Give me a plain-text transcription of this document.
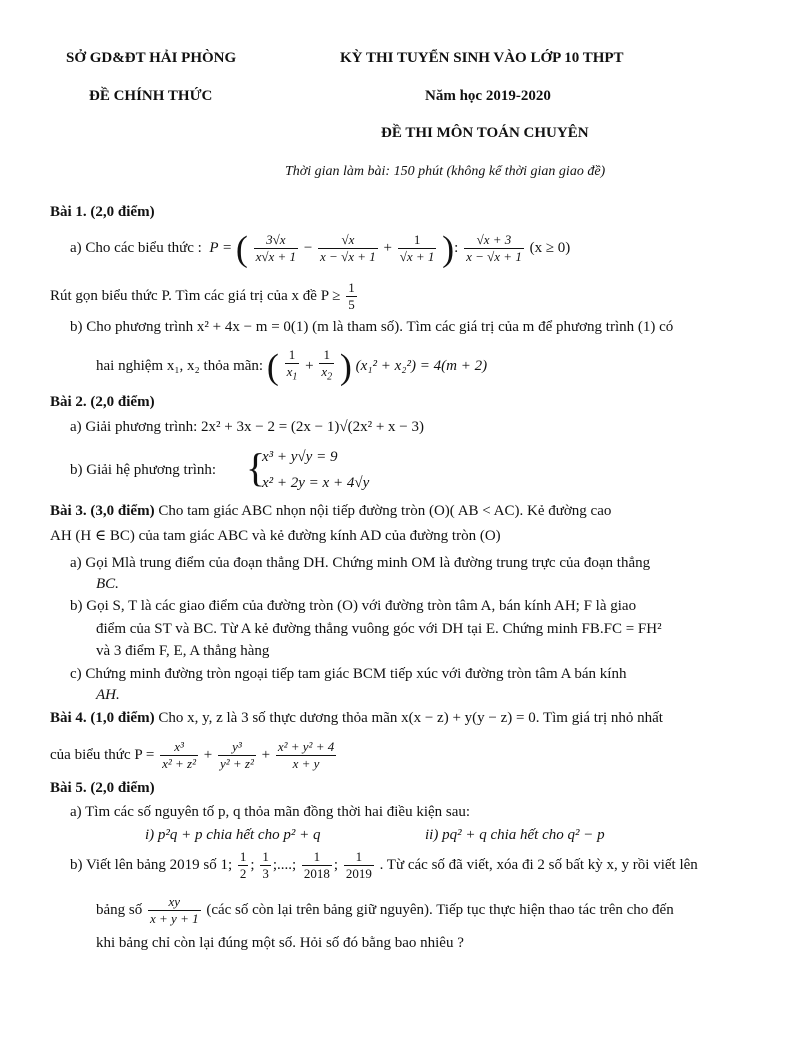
SỞ GD&ĐT HẢI PHÒNG
ĐỀ CHÍNH THỨC
KỲ THI TUYỂN SINH VÀO LỚP 10 THPT
Năm học 2019-2020
ĐỀ THI MÔN TOÁN CHUYÊN
Thời gian làm bài: 150 phút (không kể thời gian giao đề)
Bài 1. (2,0 điểm)
a) Cho các biểu thức :  P = ( $\frac{3√x}{x√x + 1} - \frac{√x}{x - √x + 1} + \frac{1}{√x + 1}$ ): $\frac{√x + 3}{x - √x + 1} (x \ge 0)$
Rút gọn biểu thức P. Tìm các giá trị của x đề $P \ge \frac{1}{5}$
b) Cho phương trình x² + 4x − m = 0(1) (m là tham số). Tìm các giá trị của m để phương trình (1) có
hai nghiệm x₁, x₂ thỏa mãn: ( $\frac{1}{x_1} + \frac{1}{x_2}$ ) (x₁² + x₂²) = 4(m + 2)
Bài 2. (2,0 điểm)
a) Giải phương trình: 2x² + 3x − 2 = (2x − 1)√(2x² + x − 3)
b) Giải hệ phương trình: {
x³ + y√y = 9
x² + 2y = x + 4√y
Bài 3. (3,0 điểm) Cho tam giác ABC nhọn nội tiếp đường tròn (O)( AB < AC). Kẻ đường cao
AH (H ∈ BC) của tam giác ABC và kẻ đường kính AD của đường tròn (O)
a) Gọi Mlà trung điểm của đoạn thẳng DH. Chứng minh OM là đường trung trực của đoạn thẳng
BC.
b) Gọi S, T là các giao điểm của đường tròn (O) với đường tròn tâm A, bán kính AH; F là giao
điểm của ST và BC. Từ A kẻ đường thẳng vuông góc với DH tại E. Chứng minh FB.FC = FH²
và 3 điểm F, E, A thẳng hàng
c) Chứng minh đường tròn ngoại tiếp tam giác BCM tiếp xúc với đường tròn tâm A bán kính
AH.
Bài 4. (1,0 điểm) Cho x, y, z là 3 số thực dương thỏa mãn x(x − z) + y(y − z) = 0. Tìm giá trị nhỏ nhất
của biểu thức $P = \frac{\text{x³}}{\text{x² + z²}} + \frac{\text{y³}}{\text{y² + z²}} + \frac{\text{x² + y² + 4}}{x + y}$
Bài 5. (2,0 điểm)
a) Tìm các số nguyên tố p, q thỏa mãn đồng thời hai điều kiện sau:
i) p²q + p chia hết cho p² + q	ii) pq² + q chia hết cho q² − p
b) Viết lên bảng 2019 số 1; $\frac{1}{2}$ ; $\frac{1}{3}$ ;....; $\frac{1}{2018}$ ; $\frac{1}{2019}$ . Từ các số đã viết, xóa đi 2 số bất kỳ x, y rồi viết lên
bảng số $\frac{xy}{x + y + 1}$ (các số còn lại trên bảng giữ nguyên). Tiếp tục thực hiện thao tác trên cho đến
khi bảng chỉ còn lại đúng một số. Hỏi số đó bằng bao nhiêu ?
